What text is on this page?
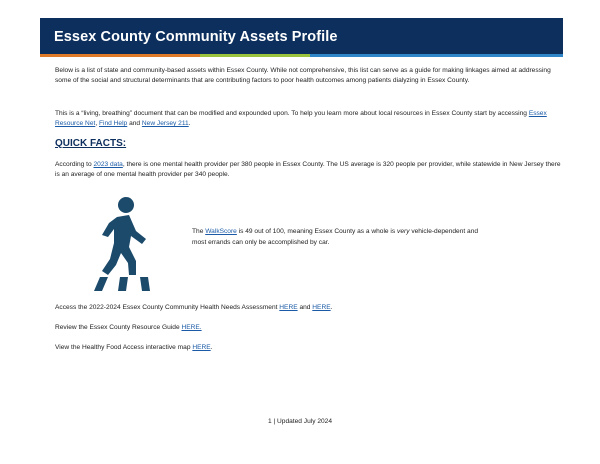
Essex County Community Assets Profile
Below is a list of state and community-based assets within Essex County. While not comprehensive, this list can serve as a guide for making linkages aimed at addressing some of the social and structural determinants that are contributing factors to poor health outcomes among patients dialyzing in Essex County.
This is a “living, breathing” document that can be modified and expounded upon. To help you learn more about local resources in Essex County start by accessing Essex Resource Net, Find Help and New Jersey 211.
QUICK FACTS:
According to 2023 data, there is one mental health provider per 380 people in Essex County. The US average is 320 people per provider, while statewide in New Jersey there is an average of one mental health provider per 340 people.
The WalkScore is 49 out of 100, meaning Essex County as a whole is very vehicle-dependent and most errands can only be accomplished by car.
Access the 2022-2024 Essex County Community Health Needs Assessment HERE and HERE.
Review the Essex County Resource Guide HERE.
View the Healthy Food Access interactive map HERE.
1 | Updated July 2024
